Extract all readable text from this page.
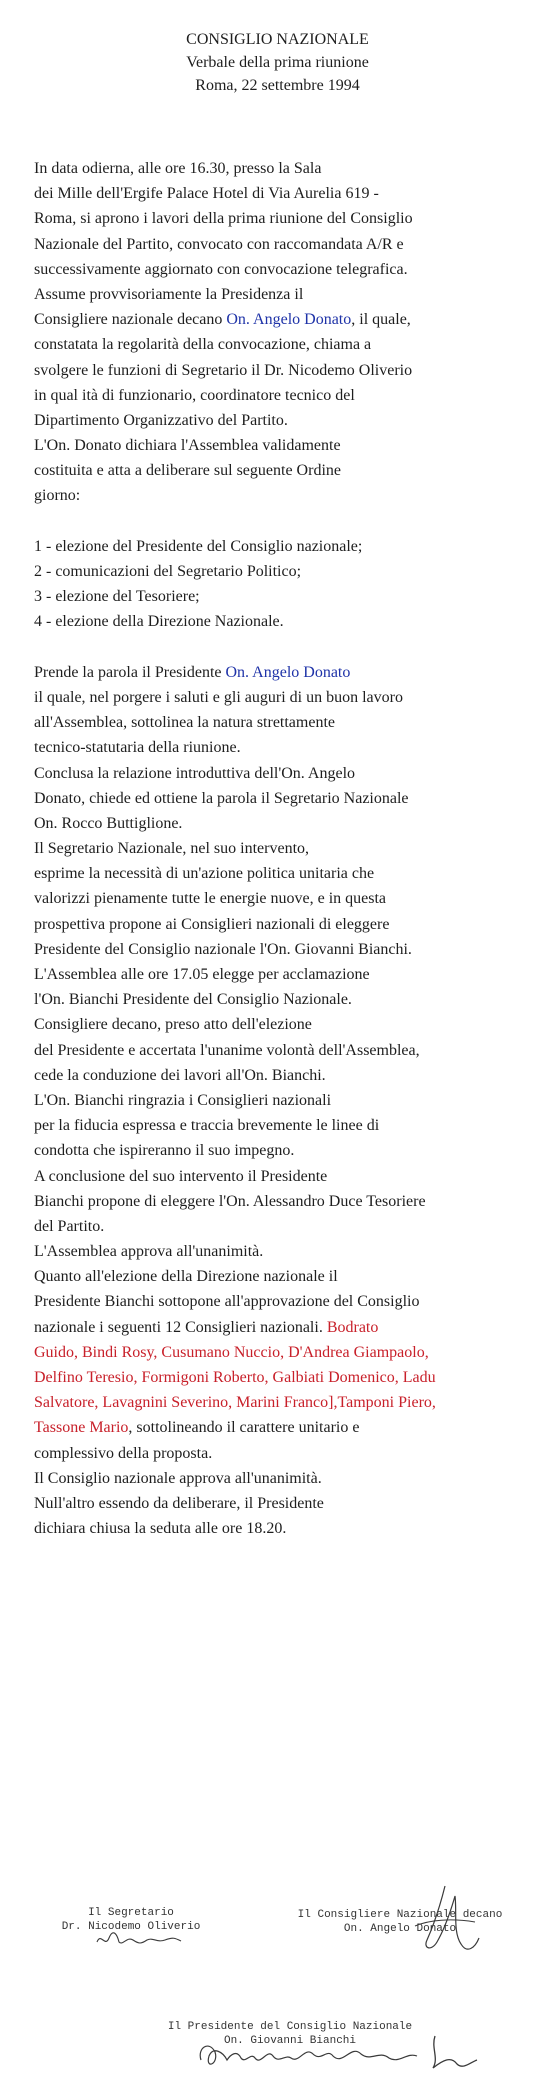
CONSIGLIO NAZIONALE
Verbale della prima riunione
Roma, 22 settembre 1994
In data odierna, alle ore 16.30, presso la Sala
dei Mille dell'Ergife Palace Hotel di Via Aurelia 619 -
Roma, si aprono i lavori della prima riunione del Consiglio
Nazionale del Partito, convocato con raccomandata A/R e
successivamente aggiornato con convocazione telegrafica.
Assume provvisoriamente la Presidenza il
Consigliere nazionale decano On. Angelo Donato, il quale,
constatata la regolarità della convocazione, chiama a
svolgere le funzioni di Segretario il Dr. Nicodemo Oliverio
in qual ità di funzionario, coordinatore tecnico del
Dipartimento Organizzativo del Partito.
L'On. Donato dichiara l'Assemblea validamente
costituita e atta a deliberare sul seguente Ordine
giorno:
1 - elezione del Presidente del Consiglio nazionale;
2 - comunicazioni del Segretario Politico;
3 - elezione del Tesoriere;
4 - elezione della Direzione Nazionale.
Prende la parola il Presidente On. Angelo Donato
il quale, nel porgere i saluti e gli auguri di un buon lavoro
all'Assemblea, sottolinea la natura strettamente
tecnico-statutaria della riunione.
Conclusa la relazione introduttiva dell'On. Angelo
Donato, chiede ed ottiene la parola il Segretario Nazionale
On. Rocco Buttiglione.
Il Segretario Nazionale, nel suo intervento,
esprime la necessità di un'azione politica unitaria che
valorizzi pienamente tutte le energie nuove, e in questa
prospettiva propone ai Consiglieri nazionali di eleggere
Presidente del Consiglio nazionale l'On. Giovanni Bianchi.
L'Assemblea alle ore 17.05 elegge per acclamazione
l'On. Bianchi Presidente del Consiglio Nazionale.
Consigliere decano, preso atto dell'elezione
del Presidente e accertata l'unanime volontà dell'Assemblea,
cede la conduzione dei lavori all'On. Bianchi.
L'On. Bianchi ringrazia i Consiglieri nazionali
per la fiducia espressa e traccia brevemente le linee di
condotta che ispireranno il suo impegno.
A conclusione del suo intervento il Presidente
Bianchi propone di eleggere l'On. Alessandro Duce Tesoriere
del Partito.
L'Assemblea approva all'unanimità.
Quanto all'elezione della Direzione nazionale il
Presidente Bianchi sottopone all'approvazione del Consiglio
nazionale i seguenti 12 Consiglieri nazionali. Bodrato
Guido, Bindi Rosy, Cusumano Nuccio, D'Andrea Giampaolo,
Delfino Teresio, Formigoni Roberto, Galbiati Domenico, Ladu
Salvatore, Lavagnini Severino, Marini Franco],Tamponi Piero,
Tassone Mario, sottolineando il carattere unitario e
complessivo della proposta.
Il Consiglio nazionale approva all'unanimità.
Null'altro essendo da deliberare, il Presidente
dichiara chiusa la seduta alle ore 18.20.
Il Segretario
Dr. Nicodemo Oliverio
Il Consigliere Nazionale decano
On. Angelo Donato
Il Presidente del Consiglio Nazionale
On. Giovanni Bianchi
